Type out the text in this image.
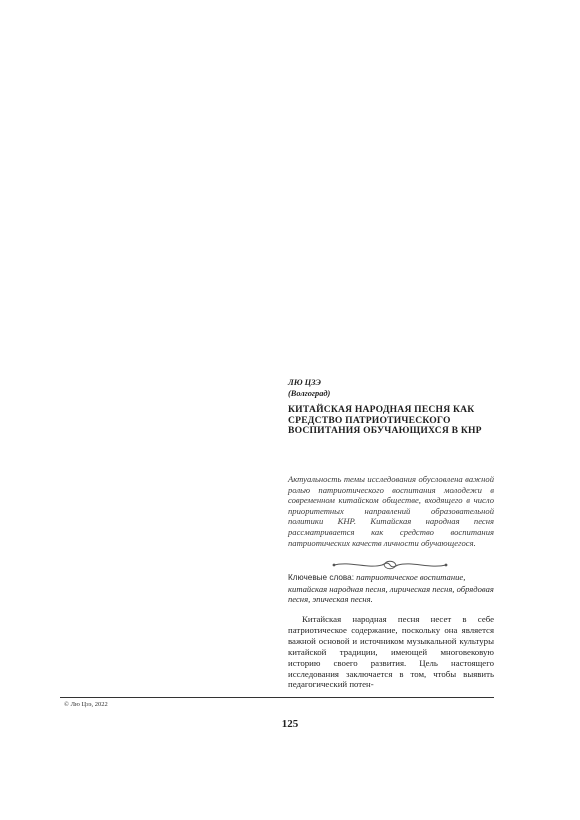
ЛЮ ЦЗЭ
(Волгоград)
КИТАЙСКАЯ НАРОДНАЯ ПЕСНЯ КАК СРЕДСТВО ПАТРИОТИЧЕСКОГО ВОСПИТАНИЯ ОБУЧАЮЩИХСЯ В КНР
Актуальность темы исследования обусловлена важной ролью патриотического воспитания молодежи в современном китайском обществе, входящего в число приоритетных направлений образовательной политики КНР. Китайская народная песня рассматривается как средство воспитания патриотических качеств личности обучающегося.
Ключевые слова: патриотическое воспитание, китайская народная песня, лирическая песня, обрядовая песня, эпическая песня.
Китайская народная песня несет в себе патриотическое содержание, поскольку она является важной основой и источником музыкальной культуры китайской традиции, имеющей многовековую историю своего развития. Цель настоящего исследования заключается в том, чтобы выявить педагогический потен-
© Лю Цзэ, 2022
125
